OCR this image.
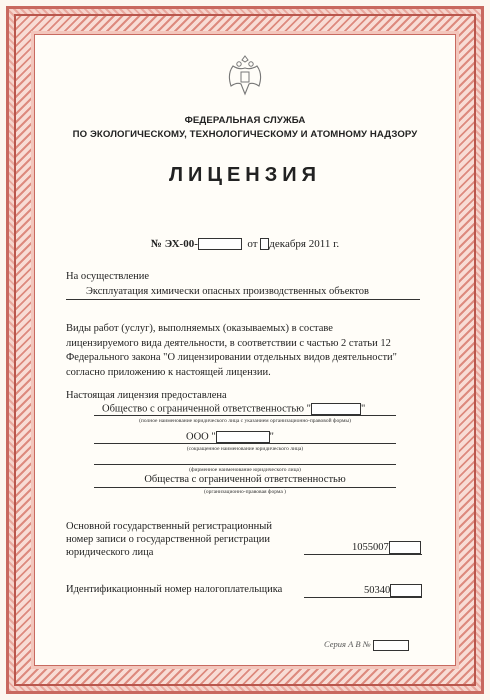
ФЕДЕРАЛЬНАЯ СЛУЖБА
ПО ЭКОЛОГИЧЕСКОМУ, ТЕХНОЛОГИЧЕСКОМУ И АТОМНОМУ НАДЗОРУ
ЛИЦЕНЗИЯ
№ ЭХ-00-	от декабря 2011 г.
На осуществление
Эксплуатация химически опасных производственных объектов
Виды работ (услуг), выполняемых (оказываемых) в составе
лицензируемого вида деятельности, в соответствии с частью 2 статьи 12
Федерального закона "О лицензировании отдельных видов деятельности"
согласно приложению к настоящей лицензии.
Настоящая лицензия предоставлена
Общество с ограниченной ответственностью "	"
(полное наименование юридического лица с указанием организационно-правовой формы)
ООО "	"
(сокращенное наименование юридического лица)
(фирменное наименование юридического лица)
Общества с ограниченной ответственностью
(организационно-правовая форма )
Основной государственный регистрационный
номер записи о государственной регистрации
юридического лица	1055007
Идентификационный номер налогоплательщика	50340
Серия А В №
